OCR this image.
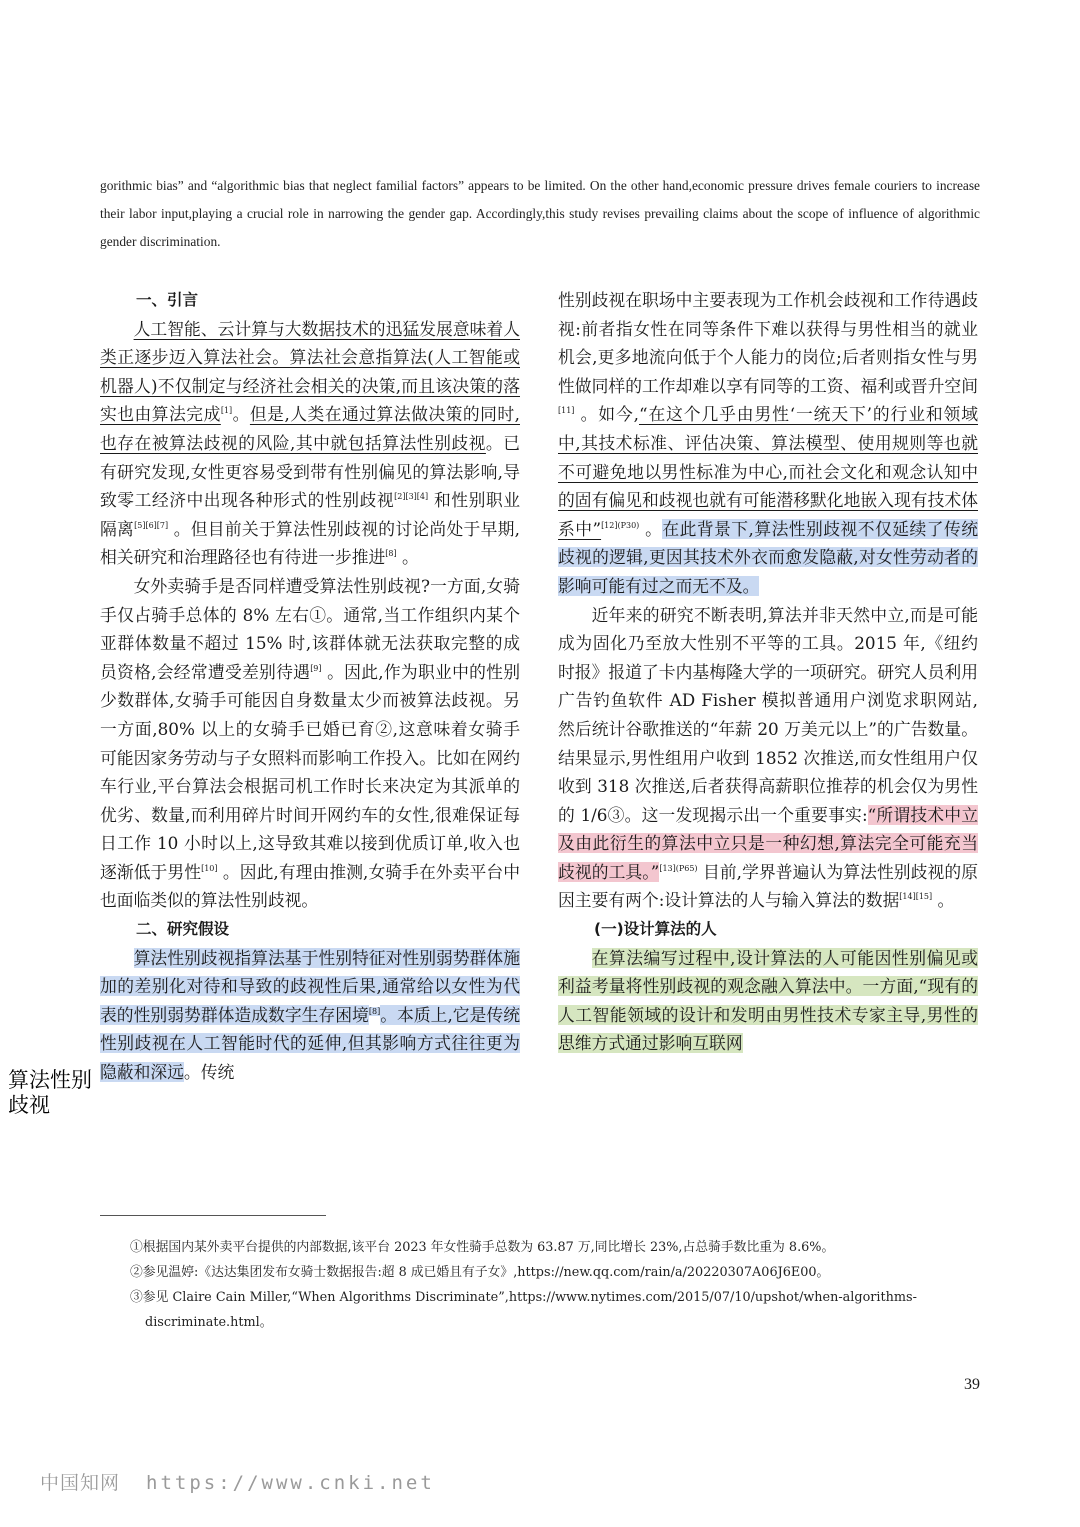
gorithmic bias” and “algorithmic bias that neglect familial factors” appears to be limited. On the other hand,economic pressure drives female couriers to increase their labor input,playing a crucial role in narrowing the gender gap. Accordingly,this study revises prevailing claims about the scope of influence of algorithmic gender discrimination.
一、引言

人工智能、云计算与大数据技术的迅猛发展意味着人类正逐步迈入算法社会。算法社会意指算法(人工智能或机器人)不仅制定与经济社会相关的决策,而且该决策的落实也由算法完成[1]。但是,人类在通过算法做决策的同时,也存在被算法歧视的风险,其中就包括算法性别歧视。已有研究发现,女性更容易受到带有性别偏见的算法影响,导致零工经济中出现各种形式的性别歧视[2][3][4] 和性别职业隔离[5][6][7] 。但目前关于算法性别歧视的讨论尚处于早期,相关研究和治理路径也有待进一步推进[8] 。

女外卖骑手是否同样遭受算法性别歧视?一方面,女骑手仅占骑手总体的 8% 左右①。通常,当工作组织内某个亚群体数量不超过 15% 时,该群体就无法获取完整的成员资格,会经常遭受差别待遇[9] 。因此,作为职业中的性别少数群体,女骑手可能因自身数量太少而被算法歧视。另一方面,80% 以上的女骑手已婚已育②,这意味着女骑手可能因家务劳动与子女照料而影响工作投入。比如在网约车行业,平台算法会根据司机工作时长来决定为其派单的优劣、数量,而利用碎片时间开网约车的女性,很难保证每日工作 10 小时以上,这导致其难以接到优质订单,收入也逐渐低于男性[10] 。因此,有理由推测,女骑手在外卖平台中也面临类似的算法性别歧视。

二、研究假设

算法性别歧视指算法基于性别特征对性别弱势群体施加的差别化对待和导致的歧视性后果,通常给以女性为代表的性别弱势群体造成数字生存困境[8]。本质上,它是传统性别歧视在人工智能时代的延伸,但其影响方式往往更为隐蔽和深远。传统

性别歧视在职场中主要表现为工作机会歧视和工作待遇歧视:前者指女性在同等条件下难以获得与男性相当的就业机会,更多地流向低于个人能力的岗位;后者则指女性与男性做同样的工作却难以享有同等的工资、福利或晋升空间[11] 。如今,“在这个几乎由男性‘一统天下’的行业和领域中,其技术标准、评估决策、算法模型、使用规则等也就不可避免地以男性标准为中心,而社会文化和观念认知中的固有偏见和歧视也就有可能潜移默化地嵌入现有技术体系中”$^{[12](P30)}$ 。在此背景下,算法性别歧视不仅延续了传统歧视的逻辑,更因其技术外衣而愈发隐蔽,对女性劳动者的影响可能有过之而无不及。

近年来的研究不断表明,算法并非天然中立,而是可能成为固化乃至放大性别不平等的工具。2015 年,《纽约时报》报道了卡内基梅隆大学的一项研究。研究人员利用广告钓鱼软件 AD Fisher 模拟普通用户浏览求职网站,然后统计谷歌推送的“年薪 20 万美元以上”的广告数量。结果显示,男性组用户收到 1852 次推送,而女性组用户仅收到 318 次推送,后者获得高薪职位推荐的机会仅为男性的 1/6③。这一发现揭示出一个重要事实:“所谓技术中立及由此衍生的算法中立只是一种幻想,算法完全可能充当歧视的工具。”$^{[13](P65)}$ 目前,学界普遍认为算法性别歧视的原因主要有两个:设计算法的人与输入算法的数据[14][15] 。

(一)设计算法的人

在算法编写过程中,设计算法的人可能因性别偏见或利益考量将性别歧视的观念融入算法中。一方面,“现有的人工智能领域的设计和发明由男性技术专家主导,男性的思维方式通过影响互联网

算法性别歧视

①根据国内某外卖平台提供的内部数据,该平台 2023 年女性骑手总数为 63.87 万,同比增长 23%,占总骑手数比重为 8.6%。

②参见温婷:《达达集团发布女骑士数据报告:超 8 成已婚且有子女》,https://new.qq.com/rain/a/20220307A06J6E00。

③参见 Claire Cain Miller,“When Algorithms Discriminate”,https://www.nytimes.com/2015/07/10/upshot/when-algorithms-discriminate.html。

39
中国知网 https://www.cnki.net
